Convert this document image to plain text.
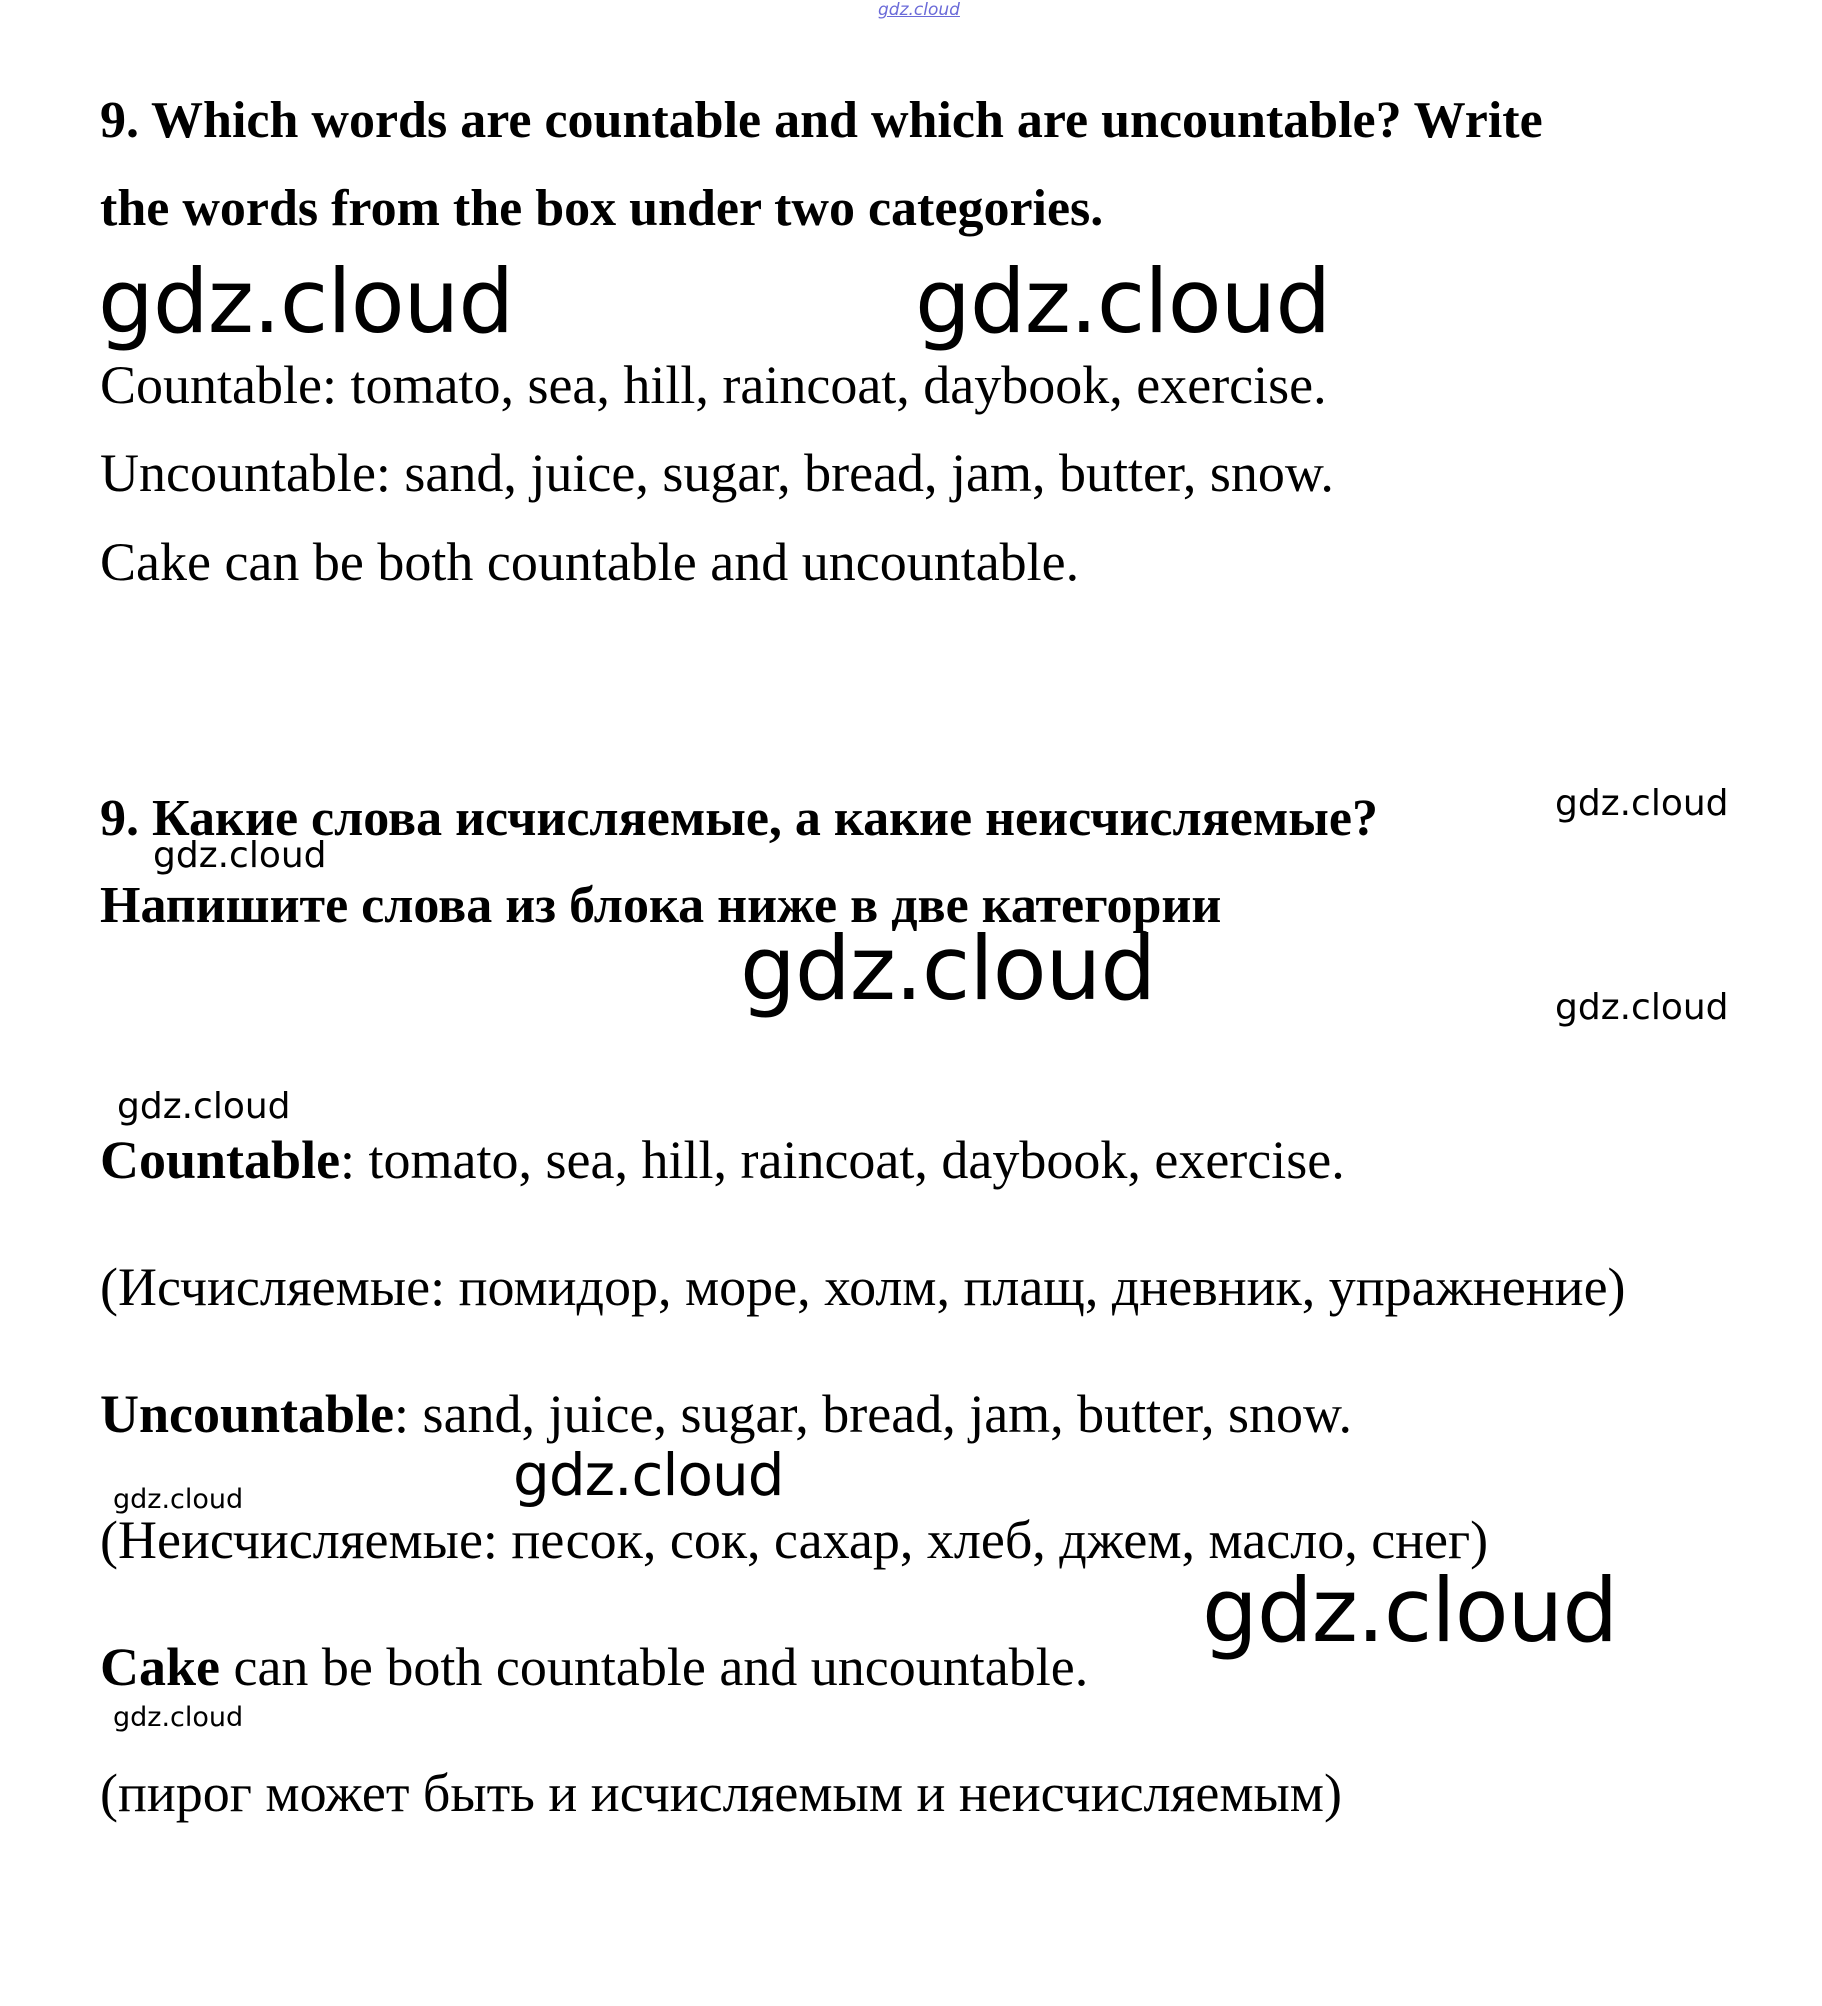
gdz.cloud
9. Which words are countable and which are uncountable? Write
the words from the box under two categories.
gdz.cloud	gdz.cloud
Countable: tomato, sea, hill, raincoat, daybook, exercise.
Uncountable: sand, juice, sugar, bread, jam, butter, snow.
Cake can be both countable and uncountable.
9. Какие слова исчисляемые, а какие неисчисляемые?	gdz.cloud
gdz.cloud
Напишите слова из блока ниже в две категории
gdz.cloud	gdz.cloud
gdz.cloud
Countable: tomato, sea, hill, raincoat, daybook, exercise.
(Исчисляемые: помидор, море, холм, плащ, дневник, упражнение)
Uncountable: sand, juice, sugar, bread, jam, butter, snow.
gdz.cloud
gdz.cloud
(Неисчисляемые: песок, сок, сахар, хлеб, джем, масло, снег)
gdz.cloud
Cake can be both countable and uncountable.
gdz.cloud
(пирог может быть и исчисляемым и неисчисляемым)
